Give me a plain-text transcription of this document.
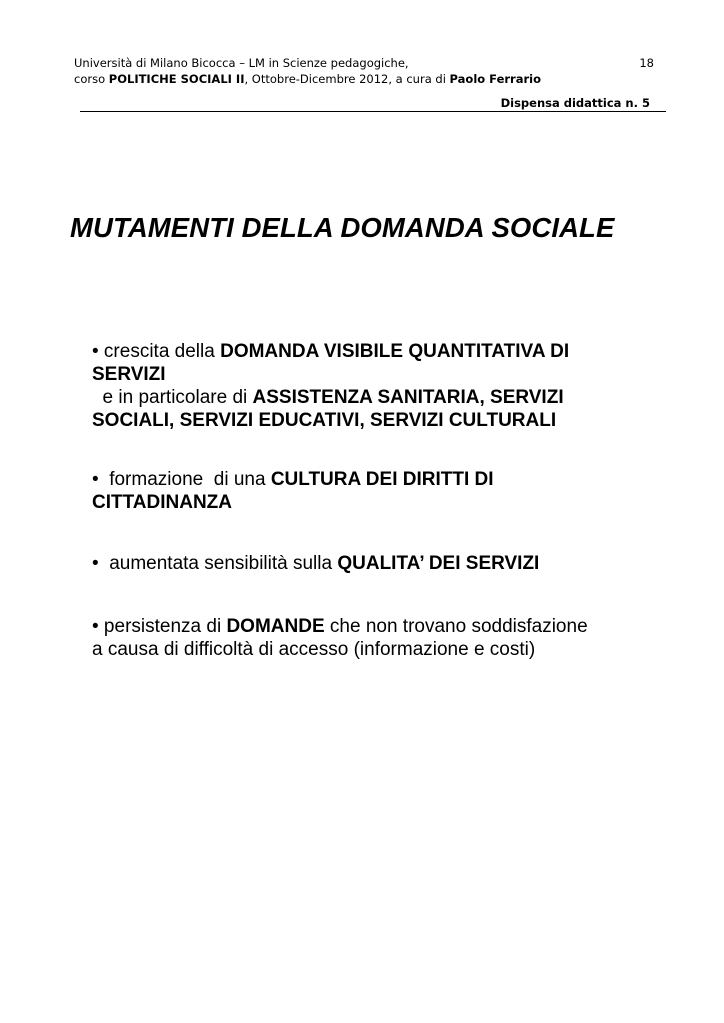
Università di Milano Bicocca – LM in Scienze pedagogiche,	18
corso POLITICHE SOCIALI II, Ottobre-Dicembre 2012, a cura di Paolo Ferrario
Dispensa didattica n. 5
MUTAMENTI DELLA DOMANDA SOCIALE
• crescita della DOMANDA VISIBILE QUANTITATIVA DI
SERVIZI
e in particolare di ASSISTENZA SANITARIA, SERVIZI
SOCIALI, SERVIZI EDUCATIVI, SERVIZI CULTURALI
•  formazione  di una CULTURA DEI DIRITTI DI
CITTADINANZA
•  aumentata sensibilità sulla QUALITA’ DEI SERVIZI
• persistenza di DOMANDE che non trovano soddisfazione
a causa di difficoltà di accesso (informazione e costi)
